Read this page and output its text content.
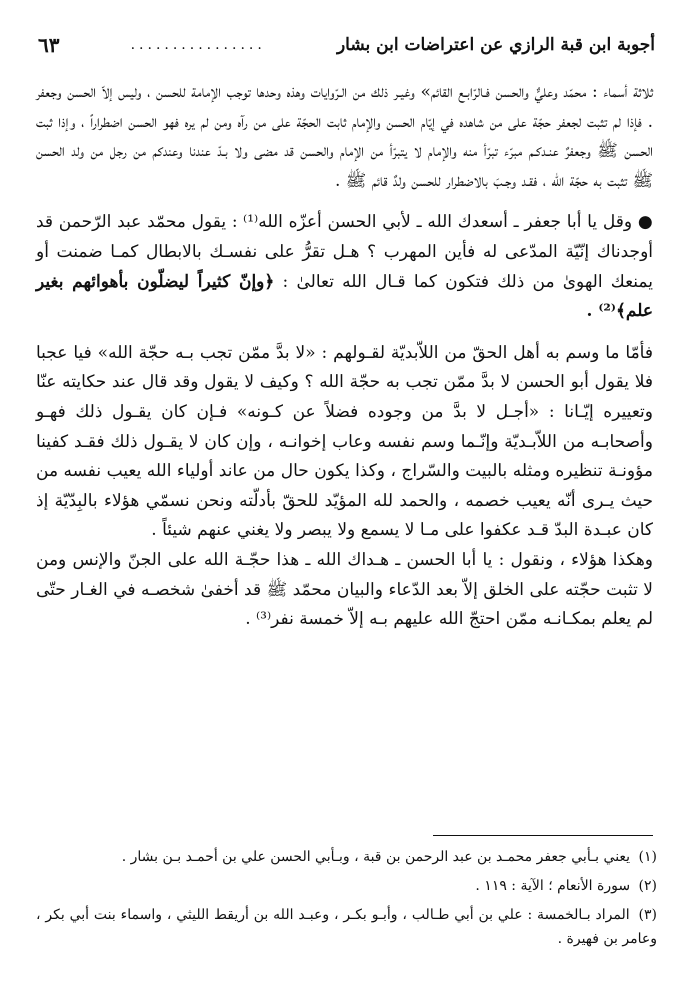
أجوبة ابن قبة الرازي عن اعتراضات ابن بشار
................
٦٣

ثلاثة أسماء : محمّد وعليٌّ والحسن فـالرّابـع القائم» وغيـر ذلك من الـرّوايات وهذه وحدها توجب الإمامة للحسن ، وليس إلاّ الحسن وجعفر . فإذا لم تثبت لجعفر حجّة على من شاهده في إيّام الحسن والإمام ثابت الحجّة على من رآه ومن لم يره فهو الحسن اضطراراً ، وإذا ثبت الحسن ﷺ وجعفرٌ عنـدكـم مبرّء تبرّأ منه والإمام لا يتبرّأ من الإمام والحسن قد مضى ولا بـدّ عندنا وعندكم من رجل من ولد الحسن ﷺ تثبت به حجّة الله ، فقـد وجـبَ بالاضطرار للحسن ولدٌ قائم ﷺ .

● وقل يا أبا جعفر ـ أسعدك الله ـ لأبي الحسن أعزّه الله⁽¹⁾ : يقول محمّد عبد الرّحمن قد أوجدناك إنّيّة المدّعى له فأين المهرب ؟ هـل تقرُّ على نفسـك بالابطال كمـا ضمنت أو يمنعك الهوىٰ من ذلك فتكون كما قـال الله تعالىٰ : ﴿وإنّ كثيراً ليضلّون بأهوائهم بغير علم﴾⁽²⁾ .

فأمّا ما وسم به أهل الحقّ من اللاّبديّة لقـولهم : «لا بدَّ ممّن تجب بـه حجّة الله» فيا عجبا فلا يقول أبو الحسن لا بدَّ ممّن تجب به حجّة الله ؟ وكيف لا يقول وقد قال عند حكايته عنّا وتعييره إيّـانا : «أجـل لا بدَّ من وجوده فضلاً عن كـونه» فـإن كان يقـول ذلك فهـو وأصحابـه من اللاّبـديّة وإنّـما وسم نفسه وعاب إخوانـه ، وإن كان لا يقـول ذلك فقـد كفينا مؤونـة تنظيره ومثله بالبيت والسّراج ، وكذا يكون حال من عاند أولياء الله يعيب نفسه من حيث يـرى أنّه يعيب خصمه ، والحمد لله المؤيّد للحقّ بأدلّته ونحن نسمّي هؤلاء بالبِدّيّة إذ كان عبـدة البدّ قـد عكفوا على مـا لا يسمع ولا يبصر ولا يغني عنهم شيئاً .

وهكذا هؤلاء ، ونقول : يا أبا الحسن ـ هـداك الله ـ هذا حجّـة الله على الجنّ والإنس ومن لا تثبت حجّته على الخلق إلاّ بعد الدّعاء والبيان محمّد ﷺ قد أخفىٰ شخصـه في الغـار حتّى لم يعلم بمكـانـه ممّن احتجّ الله عليهم بـه إلاّ خمسة نفر⁽³⁾ .

(١) يعني بـأبي جعفر محمـد بن عبد الرحمن بن قبة ، وبـأبي الحسن علي بن أحمـد بـن بشار .

(٢) سورة الأنعام ؛ الآية : ١١٩ .

(٣) المراد بـالخمسة : علي بن أبي طـالب ، وأبـو بكـر ، وعبـد الله بن أريقط الليثي ، واسماء بنت أبي بكر ، وعامر بن فهيرة .
